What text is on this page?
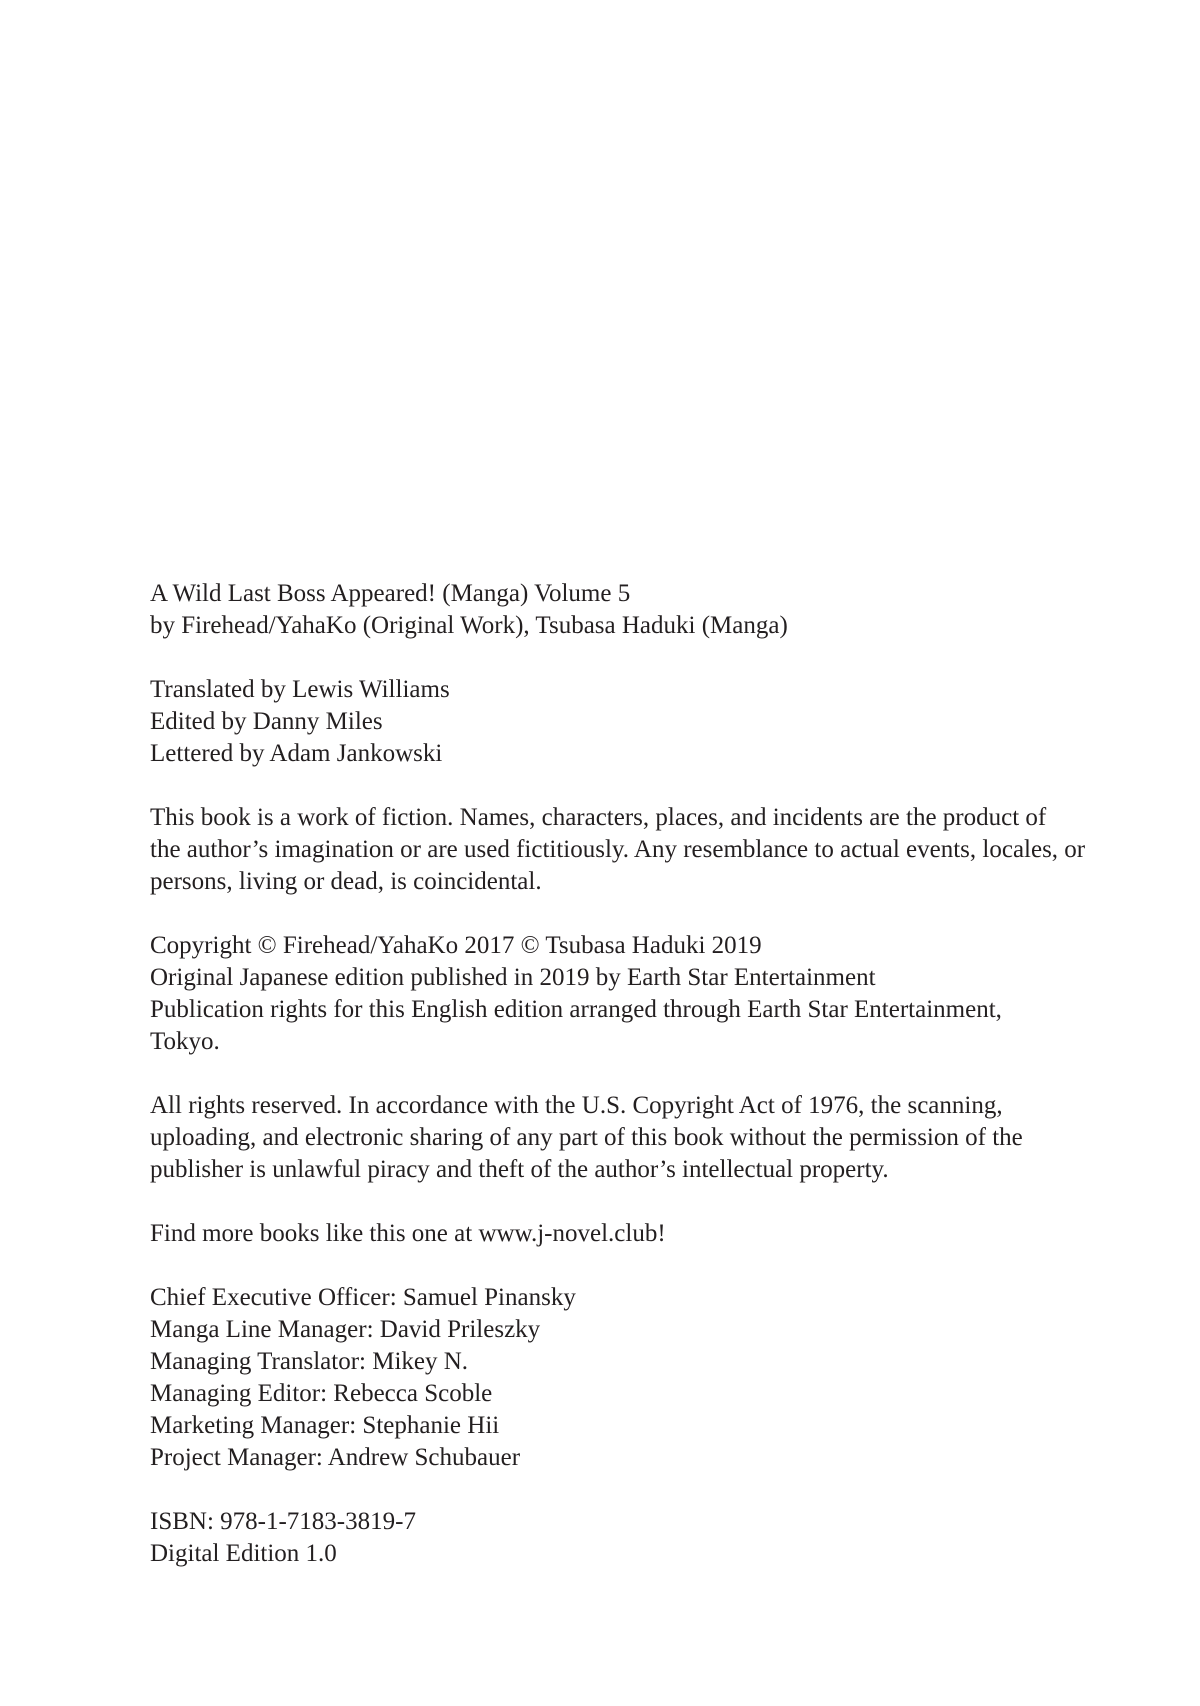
A Wild Last Boss Appeared! (Manga) Volume 5
by Firehead/YahaKo (Original Work), Tsubasa Haduki (Manga)
Translated by Lewis Williams
Edited by Danny Miles
Lettered by Adam Jankowski
This book is a work of fiction. Names, characters, places, and incidents are the product of
the author’s imagination or are used fictitiously. Any resemblance to actual events, locales, or
persons, living or dead, is coincidental.
Copyright © Firehead/YahaKo 2017 © Tsubasa Haduki 2019
Original Japanese edition published in 2019 by Earth Star Entertainment
Publication rights for this English edition arranged through Earth Star Entertainment,
Tokyo.
All rights reserved. In accordance with the U.S. Copyright Act of 1976, the scanning,
uploading, and electronic sharing of any part of this book without the permission of the
publisher is unlawful piracy and theft of the author’s intellectual property.
Find more books like this one at www.j-novel.club!
Chief Executive Officer: Samuel Pinansky
Manga Line Manager: David Prileszky
Managing Translator: Mikey N.
Managing Editor: Rebecca Scoble
Marketing Manager: Stephanie Hii
Project Manager: Andrew Schubauer
ISBN: 978-1-7183-3819-7
Digital Edition 1.0
